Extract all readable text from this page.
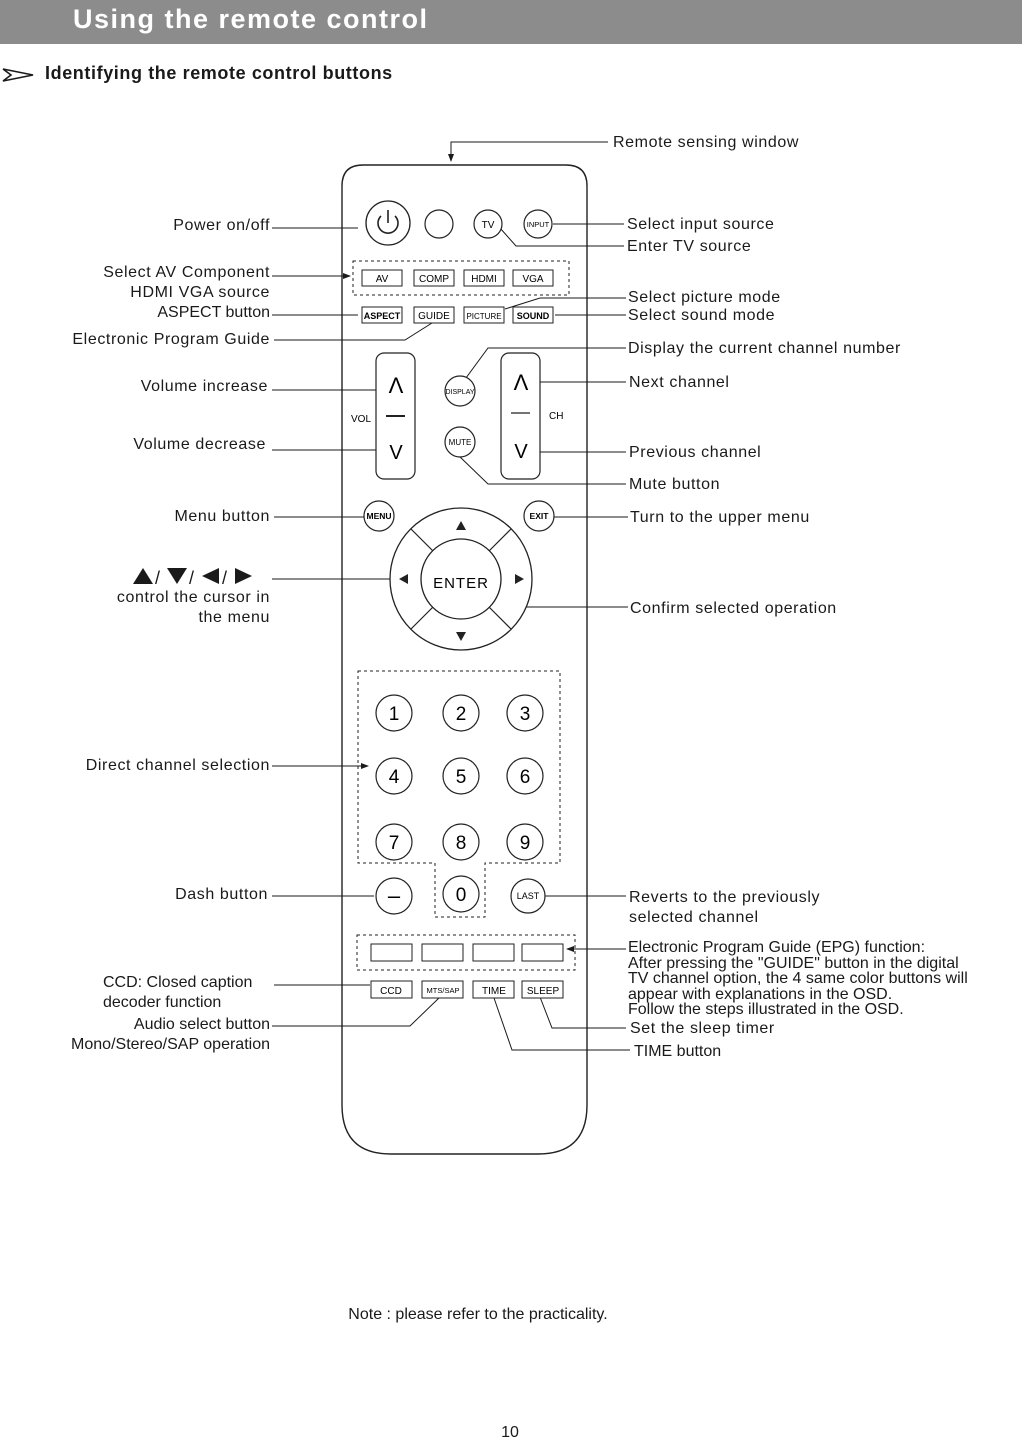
Using the remote control
Identifying the remote control buttons
TV	INPUT
AV	COMP HDMI	VGA
ASPECT GUIDE PICTURE SOUND
Λ
V
VOL
Λ
V
CH
DISPLAY
MUTE
MENU	EXIT
ENTER
/ / /
1	2	3
4	5	6
7	8	9
0
–	LAST
CCD	MTS/SAP TIME SLEEP
Power on/off
Select AV Component
HDMI VGA source
ASPECT button
Electronic Program Guide
Volume increase
Volume decrease
Menu button
control the cursor in
the menu
Direct channel selection
Dash button
CCD: Closed caption
decoder function
Audio select button
Mono/Stereo/SAP operation
Remote sensing window
Select input source
Enter TV source
Select picture mode
Select sound mode
Display the current channel number
Next channel
Previous channel
Mute button
Turn to the upper menu
Confirm selected operation
Reverts to the previously
selected channel
Electronic Program Guide (EPG) function:
After pressing the "GUIDE" button in the digital
TV channel option, the 4 same color buttons will
appear with explanations in the OSD.
Follow the steps illustrated in the OSD.
Set the sleep timer
TIME button
Note : please refer to the practicality.
10
